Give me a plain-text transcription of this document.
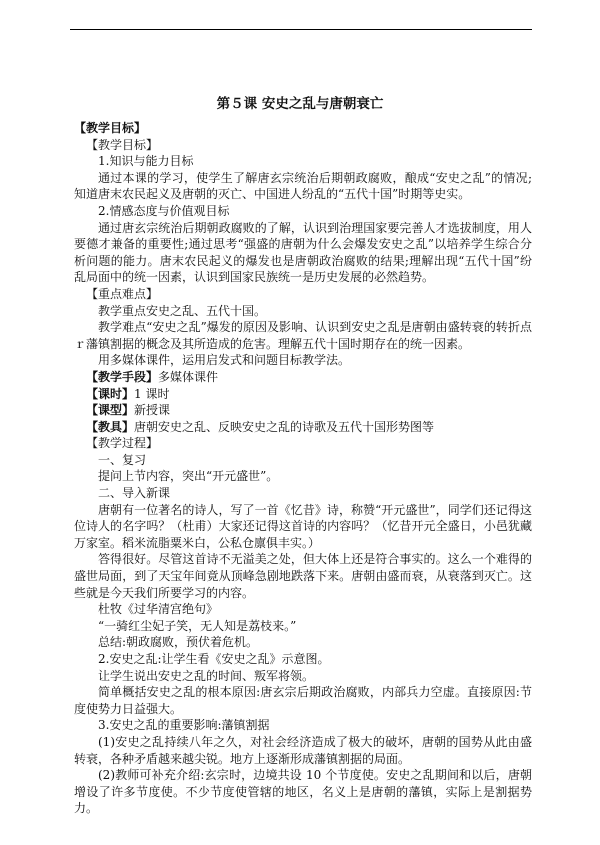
第５课 安史之乱与唐朝衰亡

【教学目标】

【教学目标】

1.知识与能力目标

通过本课的学习，使学生了解唐玄宗统治后期朝政腐败，酿成“安史之乱”的情况;知道唐末农民起义及唐朝的灭亡、中国进人纷乱的“五代十国”时期等史实。

2.情感态度与价值观目标

通过唐玄宗统治后期朝政腐败的了解，认识到治理国家要完善人才选拔制度，用人要德才兼备的重要性;通过思考“强盛的唐朝为什么会爆发安史之乱”以培养学生综合分析问题的能力。唐末农民起义的爆发也是唐朝政治腐败的结果;理解出现“五代十国”纷乱局面中的统一因素，认识到国家民族统一是历史发展的必然趋势。

【重点难点】

教学重点安史之乱、五代十国。

教学难点“安史之乱”爆发的原因及影响、认识到安史之乱是唐朝由盛转衰的转折点ｒ藩镇割据的概念及其所造成的危害。理解五代十国时期存在的统一因素。

用多媒体课件，运用启发式和问题目标教学法。

【教学手段】多媒体课件

【课时】1 课时

【课型】新授课

【教具】唐朝安史之乱、反映安史之乱的诗歌及五代十国形势图等

【教学过程】

一、复习

提问上节内容，突出“开元盛世”。

二、导入新课

唐朝有一位著名的诗人，写了一首《忆昔》诗，称赞“开元盛世”，同学们还记得这位诗人的名字吗？（杜甫）大家还记得这首诗的内容吗？（忆昔开元全盛日，小邑犹藏万家室。稻米流脂粟米白，公私仓廪俱丰实。）

答得很好。尽管这首诗不无溢美之处，但大体上还是符合事实的。这么一个难得的盛世局面，到了天宝年间竟从顶峰急剧地跌落下来。唐朝由盛而衰，从衰落到灭亡。这些就是今天我们所要学习的内容。

杜牧《过华清宫绝句》

“一骑红尘妃子笑，无人知是荔枝来。”

总结:朝政腐败，预伏着危机。

2.安史之乱:让学生看《安史之乱》示意图。

让学生说出安史之乱的时间、叛军将领。

简单概括安史之乱的根本原因:唐玄宗后期政治腐败，内部兵力空虚。直接原因:节度使势力日益强大。

3.安史之乱的重要影响:藩镇割据

(1)安史之乱持续八年之久，对社会经济造成了极大的破坏，唐朝的国势从此由盛转衰，各种矛盾越来越尖锐。地方上逐渐形成藩镇割据的局面。

(2)教师可补充介绍:玄宗时，边境共设 10 个节度使。安史之乱期间和以后，唐朝增设了许多节度使。不少节度使管辖的地区，名义上是唐朝的藩镇，实际上是割据势力。
